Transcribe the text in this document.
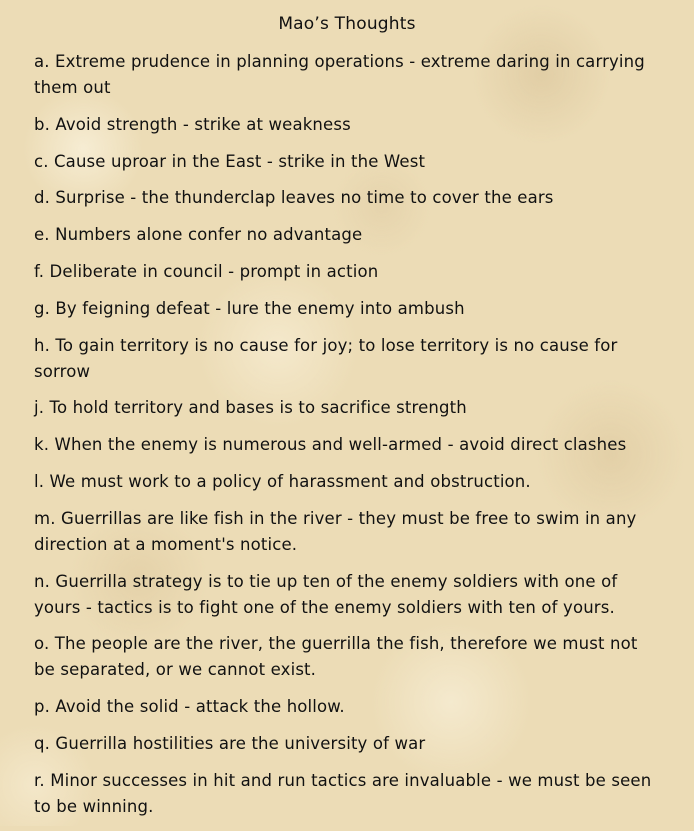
Mao’s Thoughts
a. Extreme prudence in planning operations - extreme daring in carrying them out
b. Avoid strength - strike at weakness
c. Cause uproar in the East - strike in the West
d. Surprise - the thunderclap leaves no time to cover the ears
e. Numbers alone confer no advantage
f. Deliberate in council - prompt in action
g. By feigning defeat - lure the enemy into ambush
h. To gain territory is no cause for joy; to lose territory is no cause for sorrow
j. To hold territory and bases is to sacrifice strength
k. When the enemy is numerous and well-armed - avoid direct clashes
l. We must work to a policy of harassment and obstruction.
m. Guerrillas are like fish in the river - they must be free to swim in any direction at a moment's notice.
n. Guerrilla strategy is to tie up ten of the enemy soldiers with one of yours - tactics is to fight one of the enemy soldiers with ten of yours.
o. The people are the river, the guerrilla the fish, therefore we must not be separated, or we cannot exist.
p. Avoid the solid - attack the hollow.
q. Guerrilla hostilities are the university of war
r. Minor successes in hit and run tactics are invaluable - we must be seen to be winning.
